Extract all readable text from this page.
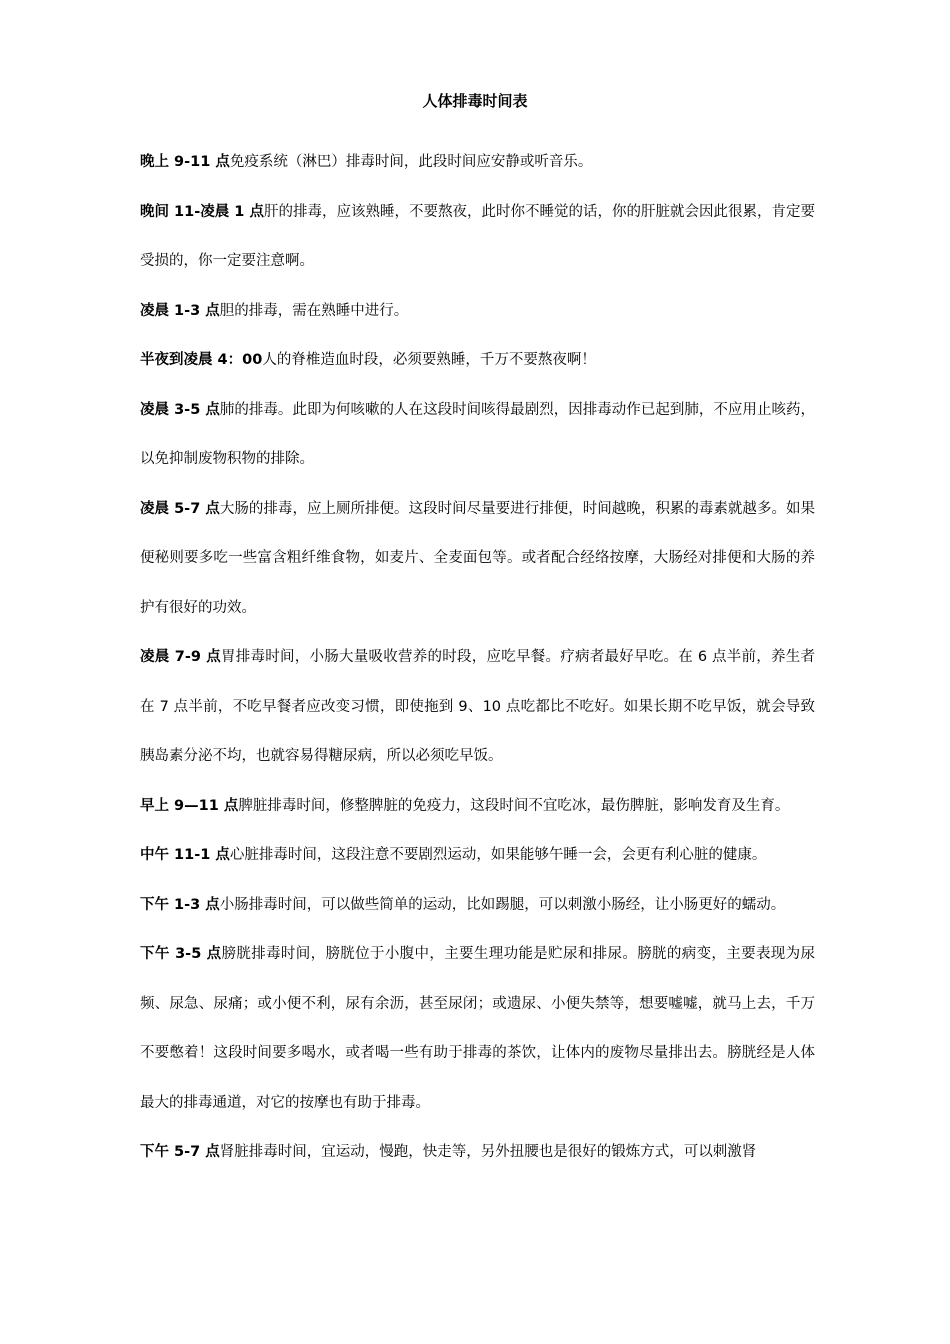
人体排毒时间表

晚上 9-11 点免疫系统（淋巴）排毒时间，此段时间应安静或听音乐。

晚间 11-凌晨 1 点肝的排毒，应该熟睡，不要熬夜，此时你不睡觉的话，你的肝脏就会因此很累，肯定要受损的，你一定要注意啊。

凌晨 1-3 点胆的排毒，需在熟睡中进行。

半夜到凌晨 4：00人的脊椎造血时段，必须要熟睡，千万不要熬夜啊！

凌晨 3-5 点肺的排毒。此即为何咳嗽的人在这段时间咳得最剧烈，因排毒动作已起到肺，不应用止咳药，以免抑制废物积物的排除。

凌晨 5-7 点大肠的排毒，应上厕所排便。这段时间尽量要进行排便，时间越晚，积累的毒素就越多。如果便秘则要多吃一些富含粗纤维食物，如麦片、全麦面包等。或者配合经络按摩，大肠经对排便和大肠的养护有很好的功效。

凌晨 7-9 点胃排毒时间，小肠大量吸收营养的时段，应吃早餐。疗病者最好早吃。在 6 点半前，养生者在 7 点半前，不吃早餐者应改变习惯，即使拖到 9、10 点吃都比不吃好。如果长期不吃早饭，就会导致胰岛素分泌不均，也就容易得糖尿病，所以必须吃早饭。

早上 9—11 点脾脏排毒时间，修整脾脏的免疫力，这段时间不宜吃冰，最伤脾脏，影响发育及生育。

中午 11-1 点心脏排毒时间，这段注意不要剧烈运动，如果能够午睡一会，会更有利心脏的健康。

下午 1-3 点小肠排毒时间，可以做些简单的运动，比如踢腿，可以刺激小肠经，让小肠更好的蠕动。

下午 3-5 点膀胱排毒时间，膀胱位于小腹中，主要生理功能是贮尿和排尿。膀胱的病变，主要表现为尿频、尿急、尿痛；或小便不利，尿有余沥，甚至尿闭；或遗尿、小便失禁等，想要嘘嘘，就马上去，千万不要憋着！这段时间要多喝水，或者喝一些有助于排毒的茶饮，让体内的废物尽量排出去。膀胱经是人体最大的排毒通道，对它的按摩也有助于排毒。

下午 5-7 点肾脏排毒时间，宜运动，慢跑，快走等，另外扭腰也是很好的锻炼方式，可以刺激肾
